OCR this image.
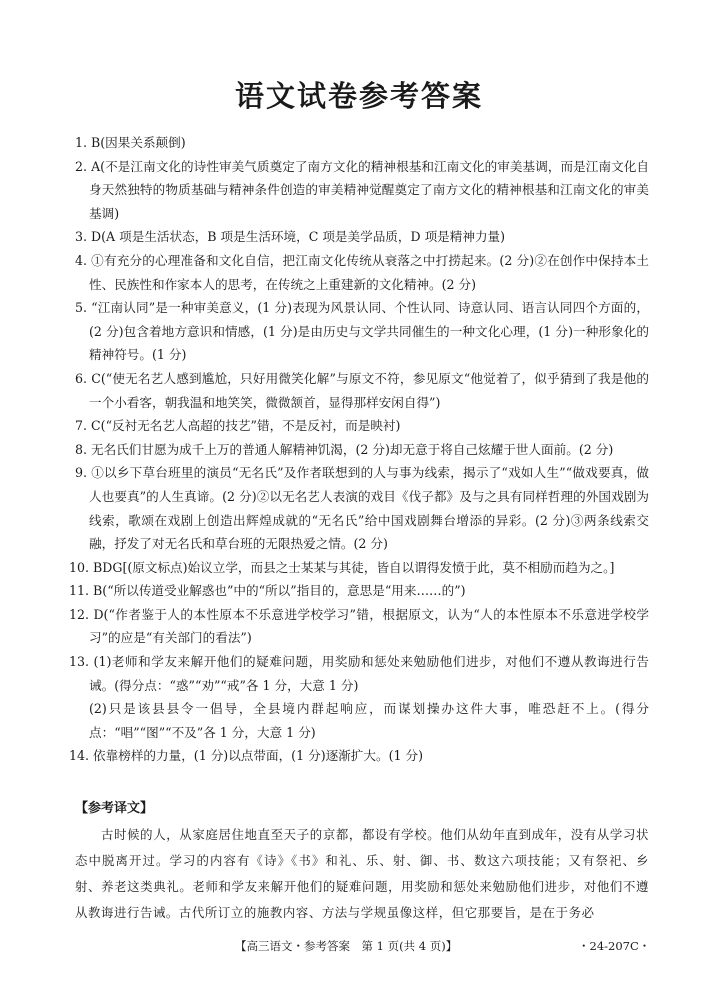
语文试卷参考答案
1. B(因果关系颠倒)
2. A(不是江南文化的诗性审美气质奠定了南方文化的精神根基和江南文化的审美基调，而是江南文化自身天然独特的物质基础与精神条件创造的审美精神觉醒奠定了南方文化的精神根基和江南文化的审美基调)
3. D(A 项是生活状态，B 项是生活环境，C 项是美学品质，D 项是精神力量)
4. ①有充分的心理准备和文化自信，把江南文化传统从衰落之中打捞起来。(2 分)②在创作中保持本土性、民族性和作家本人的思考，在传统之上重建新的文化精神。(2 分)
5. “江南认同”是一种审美意义，(1 分)表现为风景认同、个性认同、诗意认同、语言认同四个方面的，(2 分)包含着地方意识和情感，(1 分)是由历史与文学共同催生的一种文化心理，(1 分)一种形象化的精神符号。(1 分)
6. C(“使无名艺人感到尴尬，只好用微笑化解”与原文不符，参见原文“他觉着了，似乎猜到了我是他的一个小看客，朝我温和地笑笑，微微颔首，显得那样安闲自得”)
7. C(“反衬无名艺人高超的技艺”错，不是反衬，而是映衬)
8. 无名氏们甘愿为成千上万的普通人解精神饥渴，(2 分)却无意于将自己炫耀于世人面前。(2 分)
9. ①以乡下草台班里的演员“无名氏”及作者联想到的人与事为线索，揭示了“戏如人生”“做戏要真，做人也要真”的人生真谛。(2 分)②以无名艺人表演的戏目《伐子都》及与之具有同样哲理的外国戏剧为线索，歌颂在戏剧上创造出辉煌成就的“无名氏”给中国戏剧舞台增添的异彩。(2 分)③两条线索交融，抒发了对无名氏和草台班的无限热爱之情。(2 分)
10. BDG[(原文标点)始议立学，而县之士某某与其徒，皆自以谓得发愤于此，莫不相励而趋为之。]
11. B(“所以传道受业解惑也”中的“所以”指目的，意思是“用来……的”)
12. D(“作者鉴于人的本性原本不乐意进学校学习”错，根据原文，认为“人的本性原本不乐意进学校学习”的应是“有关部门的看法”)
13. (1)老师和学友来解开他们的疑难问题，用奖励和惩处来勉励他们进步，对他们不遵从教诲进行告诫。(得分点：“惑”“劝”“戒”各 1 分，大意 1 分)
(2)只是该县县令一倡导，全县境内群起响应，而谋划操办这件大事，唯恐赶不上。(得分点：“唱”“图”“不及”各 1 分，大意 1 分)
14. 依靠榜样的力量，(1 分)以点带面，(1 分)逐渐扩大。(1 分)
【参考译文】
古时候的人，从家庭居住地直至天子的京都，都设有学校。他们从幼年直到成年，没有从学习状态中脱离开过。学习的内容有《诗》《书》和礼、乐、射、御、书、数这六项技能；又有祭祀、乡射、养老这类典礼。老师和学友来解开他们的疑难问题，用奖励和惩处来勉励他们进步，对他们不遵从教诲进行告诫。古代所订立的施教内容、方法与学规虽像这样，但它那要旨，是在于务必
【高三语文・参考答案　第 1 页(共 4 页)】	・24-207C・
